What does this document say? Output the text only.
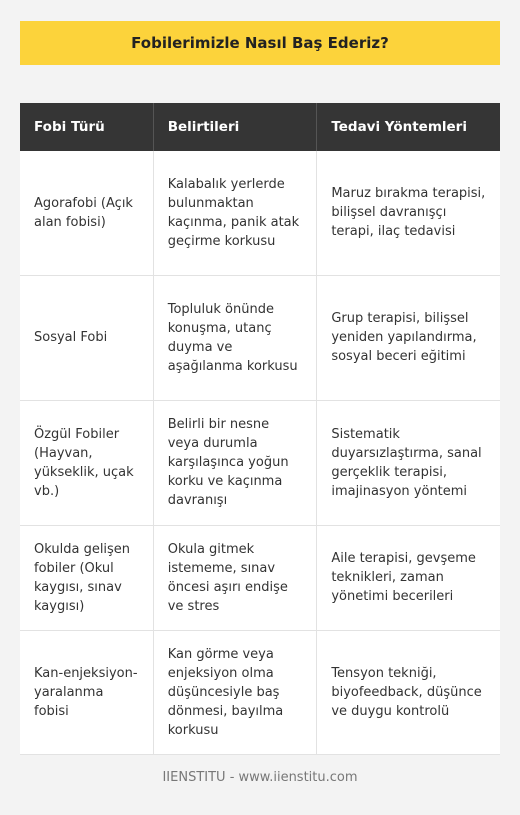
Fobilerimizle Nasıl Baş Ederiz?
Fobi Türü	Belirtileri	Tedavi Yöntemleri
Agorafobi (Açık alan fobisi)	Kalabalık yerlerde bulunmaktan kaçınma, panik atak geçirme korkusu	Maruz bırakma terapisi, bilişsel davranışçı terapi, ilaç tedavisi
Sosyal Fobi	Topluluk önünde konuşma, utanç duyma ve aşağılanma korkusu	Grup terapisi, bilişsel yeniden yapılandırma, sosyal beceri eğitimi
Özgül Fobiler (Hayvan, yükseklik, uçak vb.)	Belirli bir nesne veya durumla karşılaşınca yoğun korku ve kaçınma davranışı	Sistematik duyarsızlaştırma, sanal gerçeklik terapisi, imajinasyon yöntemi
Okulda gelişen fobiler (Okul kaygısı, sınav kaygısı)	Okula gitmek istememe, sınav öncesi aşırı endişe ve stres	Aile terapisi, gevşeme teknikleri, zaman yönetimi becerileri
Kan-enjeksiyon-yaralanma fobisi	Kan görme veya enjeksiyon olma düşüncesiyle baş dönmesi, bayılma korkusu	Tensyon tekniği, biyofeedback, düşünce ve duygu kontrolü
IIENSTITU - www.iienstitu.com
